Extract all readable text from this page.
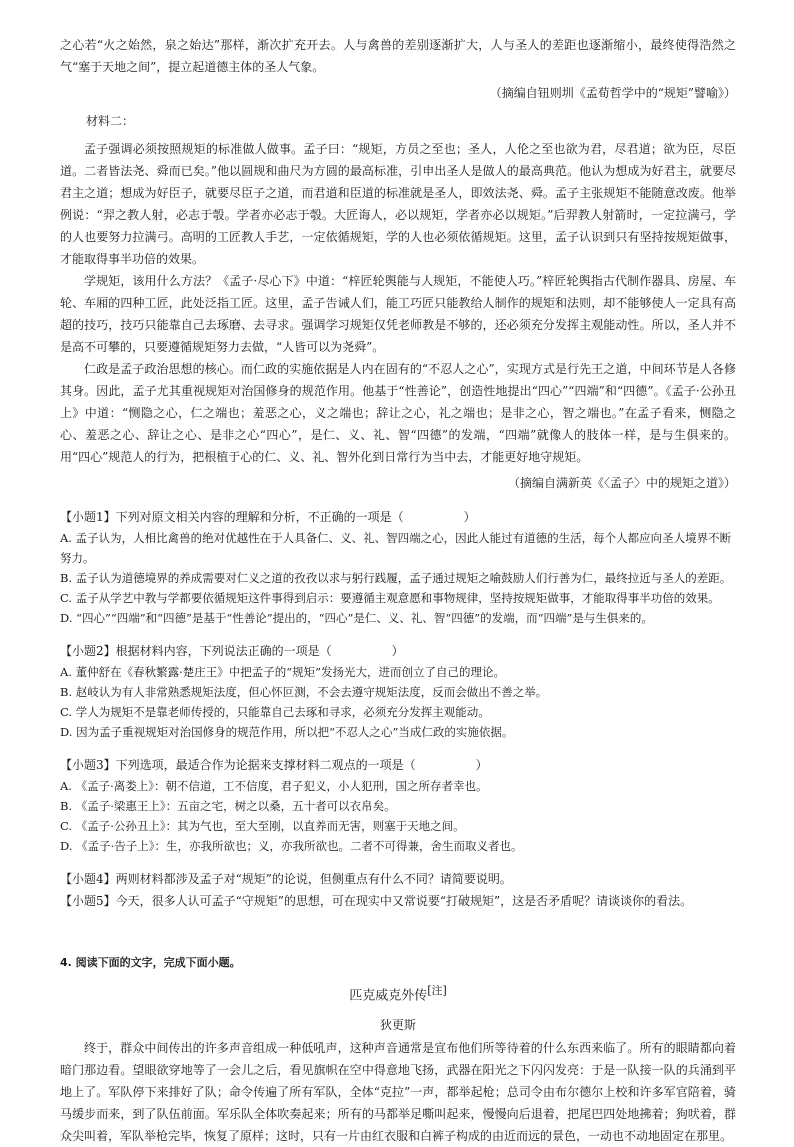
之心若“火之始然，泉之始达”那样，渐次扩充开去。人与禽兽的差别逐渐扩大，人与圣人的差距也逐渐缩小，最终使得浩然之气“塞于天地之间”，提立起道德主体的圣人气象。

（摘编自钮则圳《孟荀哲学中的“规矩”譬喻》）

材料二：

孟子强调必须按照规矩的标准做人做事。孟子曰：“规矩，方员之至也；圣人，人伦之至也欲为君，尽君道；欲为臣，尽臣道。二者皆法尧、舜而已矣。”他以圆规和曲尺为方圆的最高标准，引申出圣人是做人的最高典范。他认为想成为好君主，就要尽君主之道；想成为好臣子，就要尽臣子之道，而君道和臣道的标准就是圣人，即效法尧、舜。孟子主张规矩不能随意改废。他举例说：“羿之教人射，必志于彀。学者亦必志于彀。大匠诲人，必以规矩，学者亦必以规矩。”后羿教人射箭时，一定拉满弓，学的人也要努力拉满弓。高明的工匠教人手艺，一定依循规矩，学的人也必须依循规矩。这里，孟子认识到只有坚持按规矩做事，才能取得事半功倍的效果。

学规矩，该用什么方法？《孟子·尽心下》中道：“梓匠轮舆能与人规矩，不能使人巧。”梓匠轮舆指古代制作器具、房屋、车轮、车厢的四种工匠，此处泛指工匠。这里，孟子告诫人们，能工巧匠只能教给人制作的规矩和法则，却不能够使人一定具有高超的技巧，技巧只能靠自己去琢磨、去寻求。强调学习规矩仅凭老师教是不够的，还必须充分发挥主观能动性。所以，圣人并不是高不可攀的，只要遵循规矩努力去做，“人皆可以为尧舜”。

仁政是孟子政治思想的核心。而仁政的实施依据是人内在固有的“不忍人之心”，实现方式是行先王之道，中间环节是人各修其身。因此，孟子尤其重视规矩对治国修身的规范作用。他基于“性善论”，创造性地提出“四心”“四端”和“四德”。《孟子·公孙丑上》中道：“恻隐之心，仁之端也；羞恶之心，义之端也；辞让之心，礼之端也；是非之心，智之端也。”在孟子看来，恻隐之心、羞恶之心、辞让之心、是非之心“四心”，是仁、义、礼、智“四德”的发端，“四端”就像人的肢体一样，是与生俱来的。用“四心”规范人的行为，把根植于心的仁、义、礼、智外化到日常行为当中去，才能更好地守规矩。

（摘编自满新英《〈孟子〉中的规矩之道》）

【小题1】下列对原文相关内容的理解和分析，不正确的一项是（	）
A. 孟子认为，人相比禽兽的绝对优越性在于人具备仁、义、礼、智四端之心，因此人能过有道德的生活，每个人都应向圣人境界不断努力。
B. 孟子认为道德境界的养成需要对仁义之道的孜孜以求与躬行践履，孟子通过规矩之喻鼓励人们行善为仁，最终拉近与圣人的差距。
C. 孟子从学艺中教与学都要依循规矩这件事得到启示：要遵循主观意愿和事物规律，坚持按规矩做事，才能取得事半功倍的效果。
D. “四心”“四端”和“四德”是基于“性善论”提出的，“四心”是仁、义、礼、智“四德”的发端，而“四端”是与生俱来的。
【小题2】根据材料内容，下列说法正确的一项是（	）
A. 董仲舒在《春秋繁露·楚庄王》中把孟子的“规矩”发扬光大，进而创立了自己的理论。
B. 赵岐认为有人非常熟悉规矩法度，但心怀叵测，不会去遵守规矩法度，反而会做出不善之举。
C. 学人为规矩不是靠老师传授的，只能靠自己去琢和寻求，必须充分发挥主观能动。
D. 因为孟子重视规矩对治国修身的规范作用，所以把“不忍人之心”当成仁政的实施依据。
【小题3】下列选项，最适合作为论据来支撑材料二观点的一项是（	）
A. 《孟子·离娄上》：朝不信道，工不信度，君子犯义，小人犯刑，国之所存者幸也。
B. 《孟子·梁惠王上》：五亩之宅，树之以桑，五十者可以衣帛矣。
C. 《孟子·公孙丑上》：其为气也，至大至刚，以直养而无害，则塞于天地之间。
D. 《孟子·告子上》：生，亦我所欲也；义，亦我所欲也。二者不可得兼，舍生而取义者也。

【小题4】两则材料都涉及孟子对“规矩”的论说，但侧重点有什么不同？请简要说明。

【小题5】今天，很多人认可孟子“守规矩”的思想，可在现实中又常说要“打破规矩”，这是否矛盾呢？请谈谈你的看法。

4. 阅读下面的文字，完成下面小题。
匹克威克外传[注]
狄更斯

终于，群众中间传出的许多声音组成一种低吼声，这种声音通常是宣布他们所等待着的什么东西来临了。所有的眼睛都向着暗门那边看。望眼欲穿地等了一会儿之后，看见旗帜在空中得意地飞扬，武器在阳光之下闪闪发亮：于是一队接一队的兵涌到平地上了。军队停下来排好了队；命令传遍了所有军队，全体“克拉”一声，都举起枪；总司令由布尔德尔上校和许多军官陪着，骑马缓步而来，到了队伍前面。军乐队全体吹奏起来；所有的马都举足嘶叫起来，慢慢向后退着，把尾巴四处地拂着；狗吠着，群众尖叫着，军队举枪完毕，恢复了原样；这时，只有一片由红衣服和白裤子构成的由近而远的景色，一动也不动地固定在那里。
